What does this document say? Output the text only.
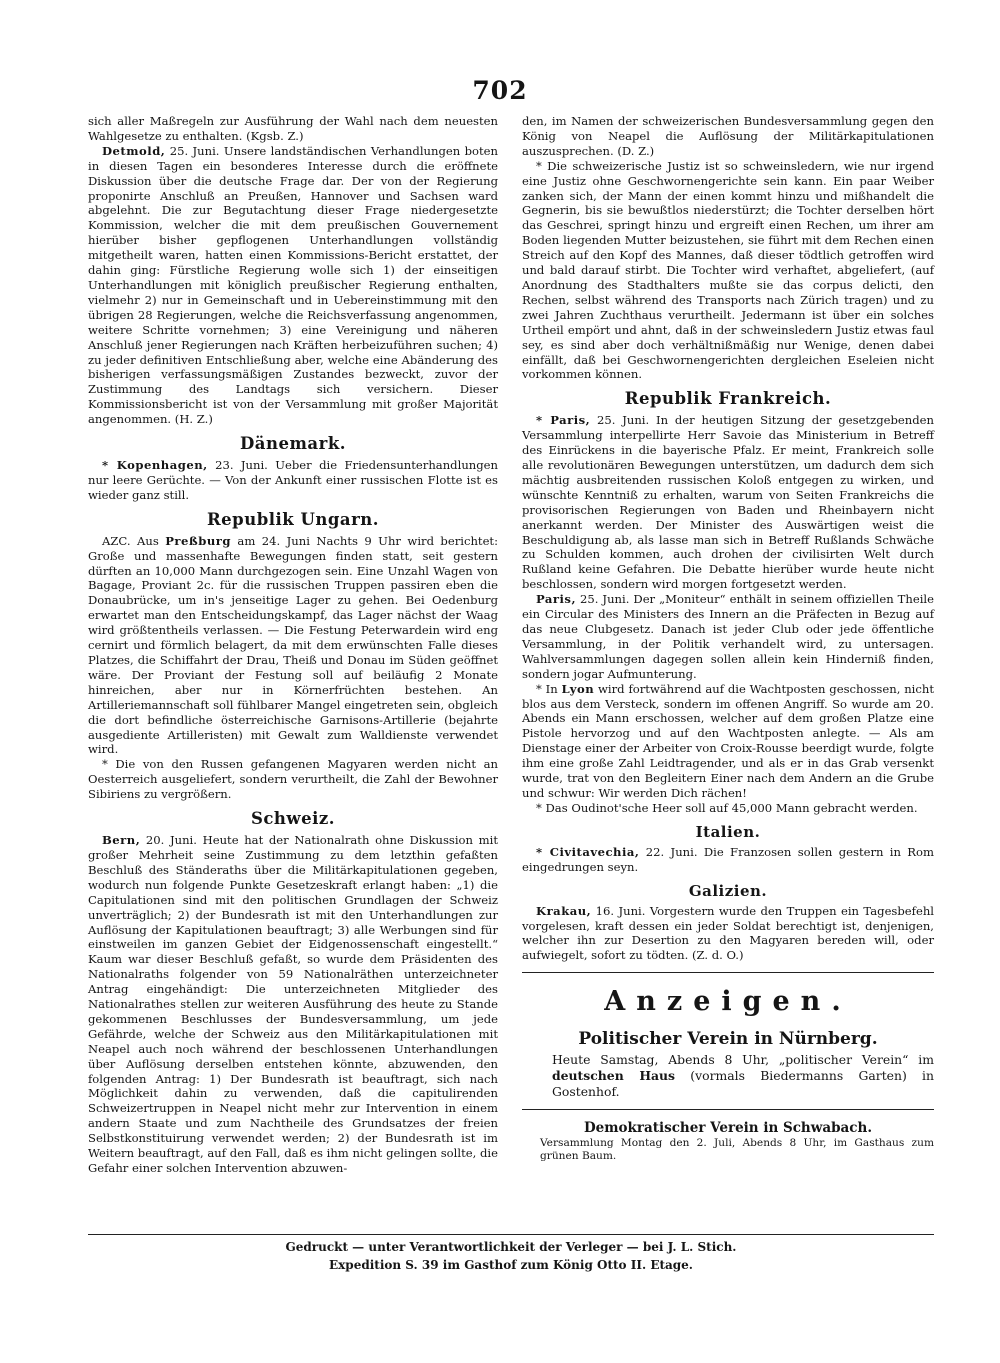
702

sich aller Maßregeln zur Ausführung der Wahl nach dem neuesten Wahlgesetze zu enthalten. (Kgsb. Z.)

Detmold, 25. Juni. Unsere landständischen Verhandlungen boten in diesen Tagen ein besonderes Interesse durch die eröffnete Diskussion über die deutsche Frage dar. Der von der Regierung proponirte Anschluß an Preußen, Hannover und Sachsen ward abgelehnt. Die zur Begutachtung dieser Frage niedergesetzte Kommission, welcher die mit dem preußischen Gouvernement hierüber bisher gepflogenen Unterhandlungen vollständig mitgetheilt waren, hatten einen Kommissions-Bericht erstattet, der dahin ging: Fürstliche Regierung wolle sich 1) der einseitigen Unterhandlungen mit königlich preußischer Regierung enthalten, vielmehr 2) nur in Gemeinschaft und in Uebereinstimmung mit den übrigen 28 Regierungen, welche die Reichsverfassung angenommen, weitere Schritte vornehmen; 3) eine Vereinigung und näheren Anschluß jener Regierungen nach Kräften herbeizuführen suchen; 4) zu jeder definitiven Entschließung aber, welche eine Abänderung des bisherigen verfassungsmäßigen Zustandes bezweckt, zuvor der Zustimmung des Landtags sich versichern. Dieser Kommissionsbericht ist von der Versammlung mit großer Majorität angenommen. (H. Z.)

Dänemark.

* Kopenhagen, 23. Juni. Ueber die Friedensunterhandlungen nur leere Gerüchte. — Von der Ankunft einer russischen Flotte ist es wieder ganz still.

Republik Ungarn.

AZC. Aus Preßburg am 24. Juni Nachts 9 Uhr wird berichtet: Große und massenhafte Bewegungen finden statt, seit gestern dürften an 10,000 Mann durchgezogen sein. Eine Unzahl Wagen von Bagage, Proviant 2c. für die russischen Truppen passiren eben die Donaubrücke, um in's jenseitige Lager zu gehen. Bei Oedenburg erwartet man den Entscheidungskampf, das Lager nächst der Waag wird größtentheils verlassen. — Die Festung Peterwardein wird eng cernirt und förmlich belagert, da mit dem erwünschten Falle dieses Platzes, die Schiffahrt der Drau, Theiß und Donau im Süden geöffnet wäre. Der Proviant der Festung soll auf beiläufig 2 Monate hinreichen, aber nur in Körnerfrüchten bestehen. An Artilleriemannschaft soll fühlbarer Mangel eingetreten sein, obgleich die dort befindliche österreichische Garnisons-Artillerie (bejahrte ausgediente Artilleristen) mit Gewalt zum Walldienste verwendet wird.

* Die von den Russen gefangenen Magyaren werden nicht an Oesterreich ausgeliefert, sondern verurtheilt, die Zahl der Bewohner Sibiriens zu vergrößern.

Schweiz.

Bern, 20. Juni. Heute hat der Nationalrath ohne Diskussion mit großer Mehrheit seine Zustimmung zu dem letzthin gefaßten Beschluß des Ständeraths über die Militärkapitulationen gegeben, wodurch nun folgende Punkte Gesetzeskraft erlangt haben: „1) die Capitulationen sind mit den politischen Grundlagen der Schweiz unverträglich; 2) der Bundesrath ist mit den Unterhandlungen zur Auflösung der Kapitulationen beauftragt; 3) alle Werbungen sind für einstweilen im ganzen Gebiet der Eidgenossenschaft eingestellt.“ Kaum war dieser Beschluß gefaßt, so wurde dem Präsidenten des Nationalraths folgender von 59 Nationalräthen unterzeichneter Antrag eingehändigt: Die unterzeichneten Mitglieder des Nationalrathes stellen zur weiteren Ausführung des heute zu Stande gekommenen Beschlusses der Bundesversammlung, um jede Gefährde, welche der Schweiz aus den Militärkapitulationen mit Neapel auch noch während der beschlossenen Unterhandlungen über Auflösung derselben entstehen könnte, abzuwenden, den folgenden Antrag: 1) Der Bundesrath ist beauftragt, sich nach Möglichkeit dahin zu verwenden, daß die capitulirenden Schweizertruppen in Neapel nicht mehr zur Intervention in einem andern Staate und zum Nachtheile des Grundsatzes der freien Selbstkonstituirung verwendet werden; 2) der Bundesrath ist im Weitern beauftragt, auf den Fall, daß es ihm nicht gelingen sollte, die Gefahr einer solchen Intervention abzuwen-

den, im Namen der schweizerischen Bundesversammlung gegen den König von Neapel die Auflösung der Militärkapitulationen auszusprechen. (D. Z.)

* Die schweizerische Justiz ist so schweinsledern, wie nur irgend eine Justiz ohne Geschwornengerichte sein kann. Ein paar Weiber zanken sich, der Mann der einen kommt hinzu und mißhandelt die Gegnerin, bis sie bewußtlos niederstürzt; die Tochter derselben hört das Geschrei, springt hinzu und ergreift einen Rechen, um ihrer am Boden liegenden Mutter beizustehen, sie führt mit dem Rechen einen Streich auf den Kopf des Mannes, daß dieser tödtlich getroffen wird und bald darauf stirbt. Die Tochter wird verhaftet, abgeliefert, (auf Anordnung des Stadthalters mußte sie das corpus delicti, den Rechen, selbst während des Transports nach Zürich tragen) und zu zwei Jahren Zuchthaus verurtheilt. Jedermann ist über ein solches Urtheil empört und ahnt, daß in der schweinsledern Justiz etwas faul sey, es sind aber doch verhältnißmäßig nur Wenige, denen dabei einfällt, daß bei Geschwornengerichten dergleichen Eseleien nicht vorkommen können.

Republik Frankreich.

* Paris, 25. Juni. In der heutigen Sitzung der gesetzgebenden Versammlung interpellirte Herr Savoie das Ministerium in Betreff des Einrückens in die bayerische Pfalz. Er meint, Frankreich solle alle revolutionären Bewegungen unterstützen, um dadurch dem sich mächtig ausbreitenden russischen Koloß entgegen zu wirken, und wünschte Kenntniß zu erhalten, warum von Seiten Frankreichs die provisorischen Regierungen von Baden und Rheinbayern nicht anerkannt werden. Der Minister des Auswärtigen weist die Beschuldigung ab, als lasse man sich in Betreff Rußlands Schwäche zu Schulden kommen, auch drohen der civilisirten Welt durch Rußland keine Gefahren. Die Debatte hierüber wurde heute nicht beschlossen, sondern wird morgen fortgesetzt werden.

Paris, 25. Juni. Der „Moniteur“ enthält in seinem offiziellen Theile ein Circular des Ministers des Innern an die Präfecten in Bezug auf das neue Clubgesetz. Danach ist jeder Club oder jede öffentliche Versammlung, in der Politik verhandelt wird, zu untersagen. Wahlversammlungen dagegen sollen allein kein Hinderniß finden, sondern jogar Aufmunterung.

* In Lyon wird fortwährend auf die Wachtposten geschossen, nicht blos aus dem Versteck, sondern im offenen Angriff. So wurde am 20. Abends ein Mann erschossen, welcher auf dem großen Platze eine Pistole hervorzog und auf den Wachtposten anlegte. — Als am Dienstage einer der Arbeiter von Croix-Rousse beerdigt wurde, folgte ihm eine große Zahl Leidtragender, und als er in das Grab versenkt wurde, trat von den Begleitern Einer nach dem Andern an die Grube und schwur: Wir werden Dich rächen!

* Das Oudinot'sche Heer soll auf 45,000 Mann gebracht werden.

Italien.

* Civitavechia, 22. Juni. Die Franzosen sollen gestern in Rom eingedrungen seyn.

Galizien.

Krakau, 16. Juni. Vorgestern wurde den Truppen ein Tagesbefehl vorgelesen, kraft dessen ein jeder Soldat berechtigt ist, denjenigen, welcher ihn zur Desertion zu den Magyaren bereden will, oder aufwiegelt, sofort zu tödten. (Z. d. O.)

Anzeigen.
Politischer Verein in Nürnberg.
Heute Samstag, Abends 8 Uhr, „politischer Verein“ im deutschen Haus (vormals Biedermanns Garten) in Gostenhof.
Demokratischer Verein in Schwabach.
Versammlung Montag den 2. Juli, Abends 8 Uhr, im Gasthaus zum grünen Baum.
Gedruckt — unter Verantwortlichkeit der Verleger — bei J. L. Stich.
Expedition S. 39 im Gasthof zum König Otto II. Etage.
